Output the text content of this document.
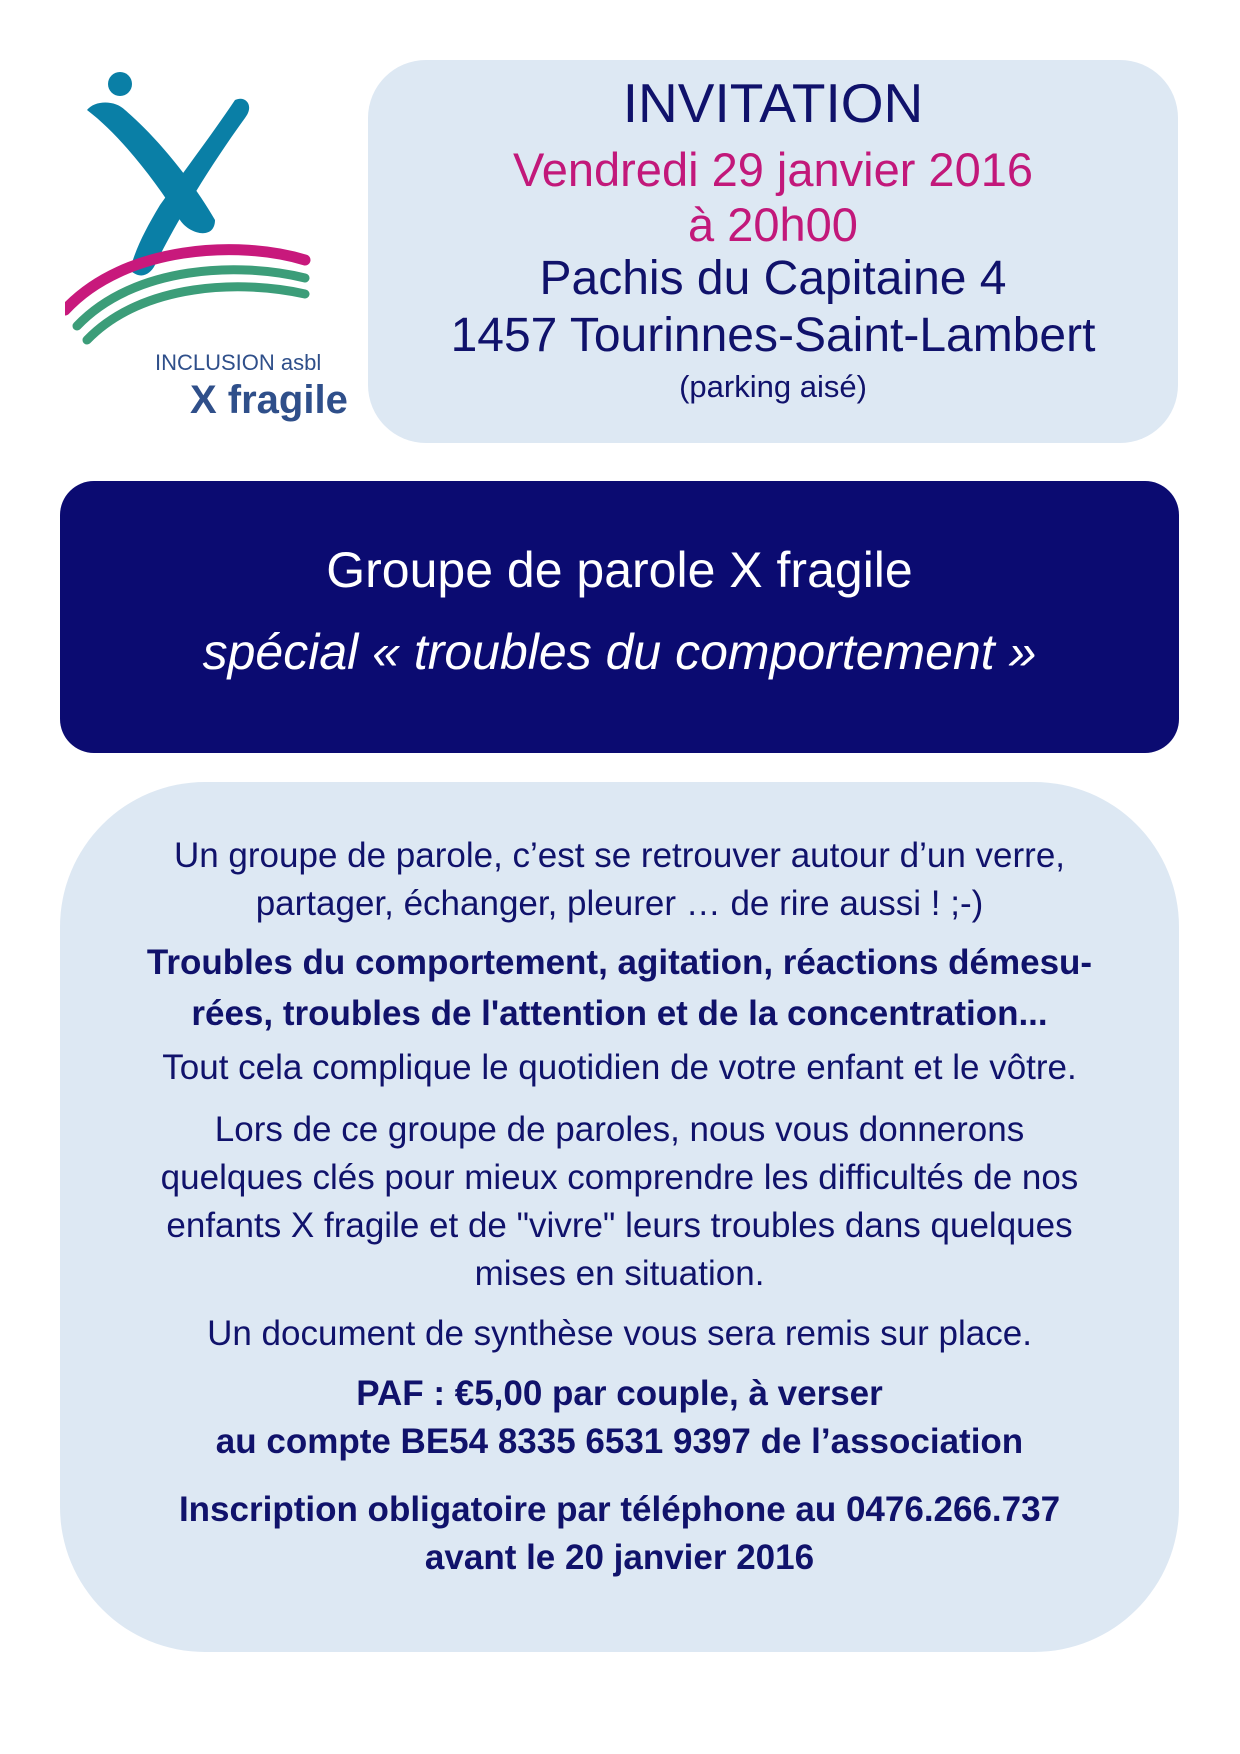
INCLUSION asbl
X fragile
INVITATION
Vendredi 29 janvier 2016
à 20h00
Pachis du Capitaine 4
1457 Tourinnes-Saint-Lambert
(parking aisé)
Groupe de parole X fragile
spécial « troubles du comportement »

Un groupe de parole, c’est se retrouver autour d’un verre,
partager, échanger, pleurer … de rire aussi ! ;-)

Troubles du comportement, agitation, réactions démesu-
rées, troubles de l'attention et de la concentration...

Tout cela complique le quotidien de votre enfant et le vôtre.

Lors de ce groupe de paroles, nous vous donnerons
quelques clés pour mieux comprendre les difficultés de nos
enfants X fragile et de "vivre" leurs troubles dans quelques
mises en situation.

Un document de synthèse vous sera remis sur place.

PAF : €5,00 par couple, à verser
au compte BE54 8335 6531 9397 de l’association

Inscription obligatoire par téléphone au 0476.266.737
avant le 20 janvier 2016
